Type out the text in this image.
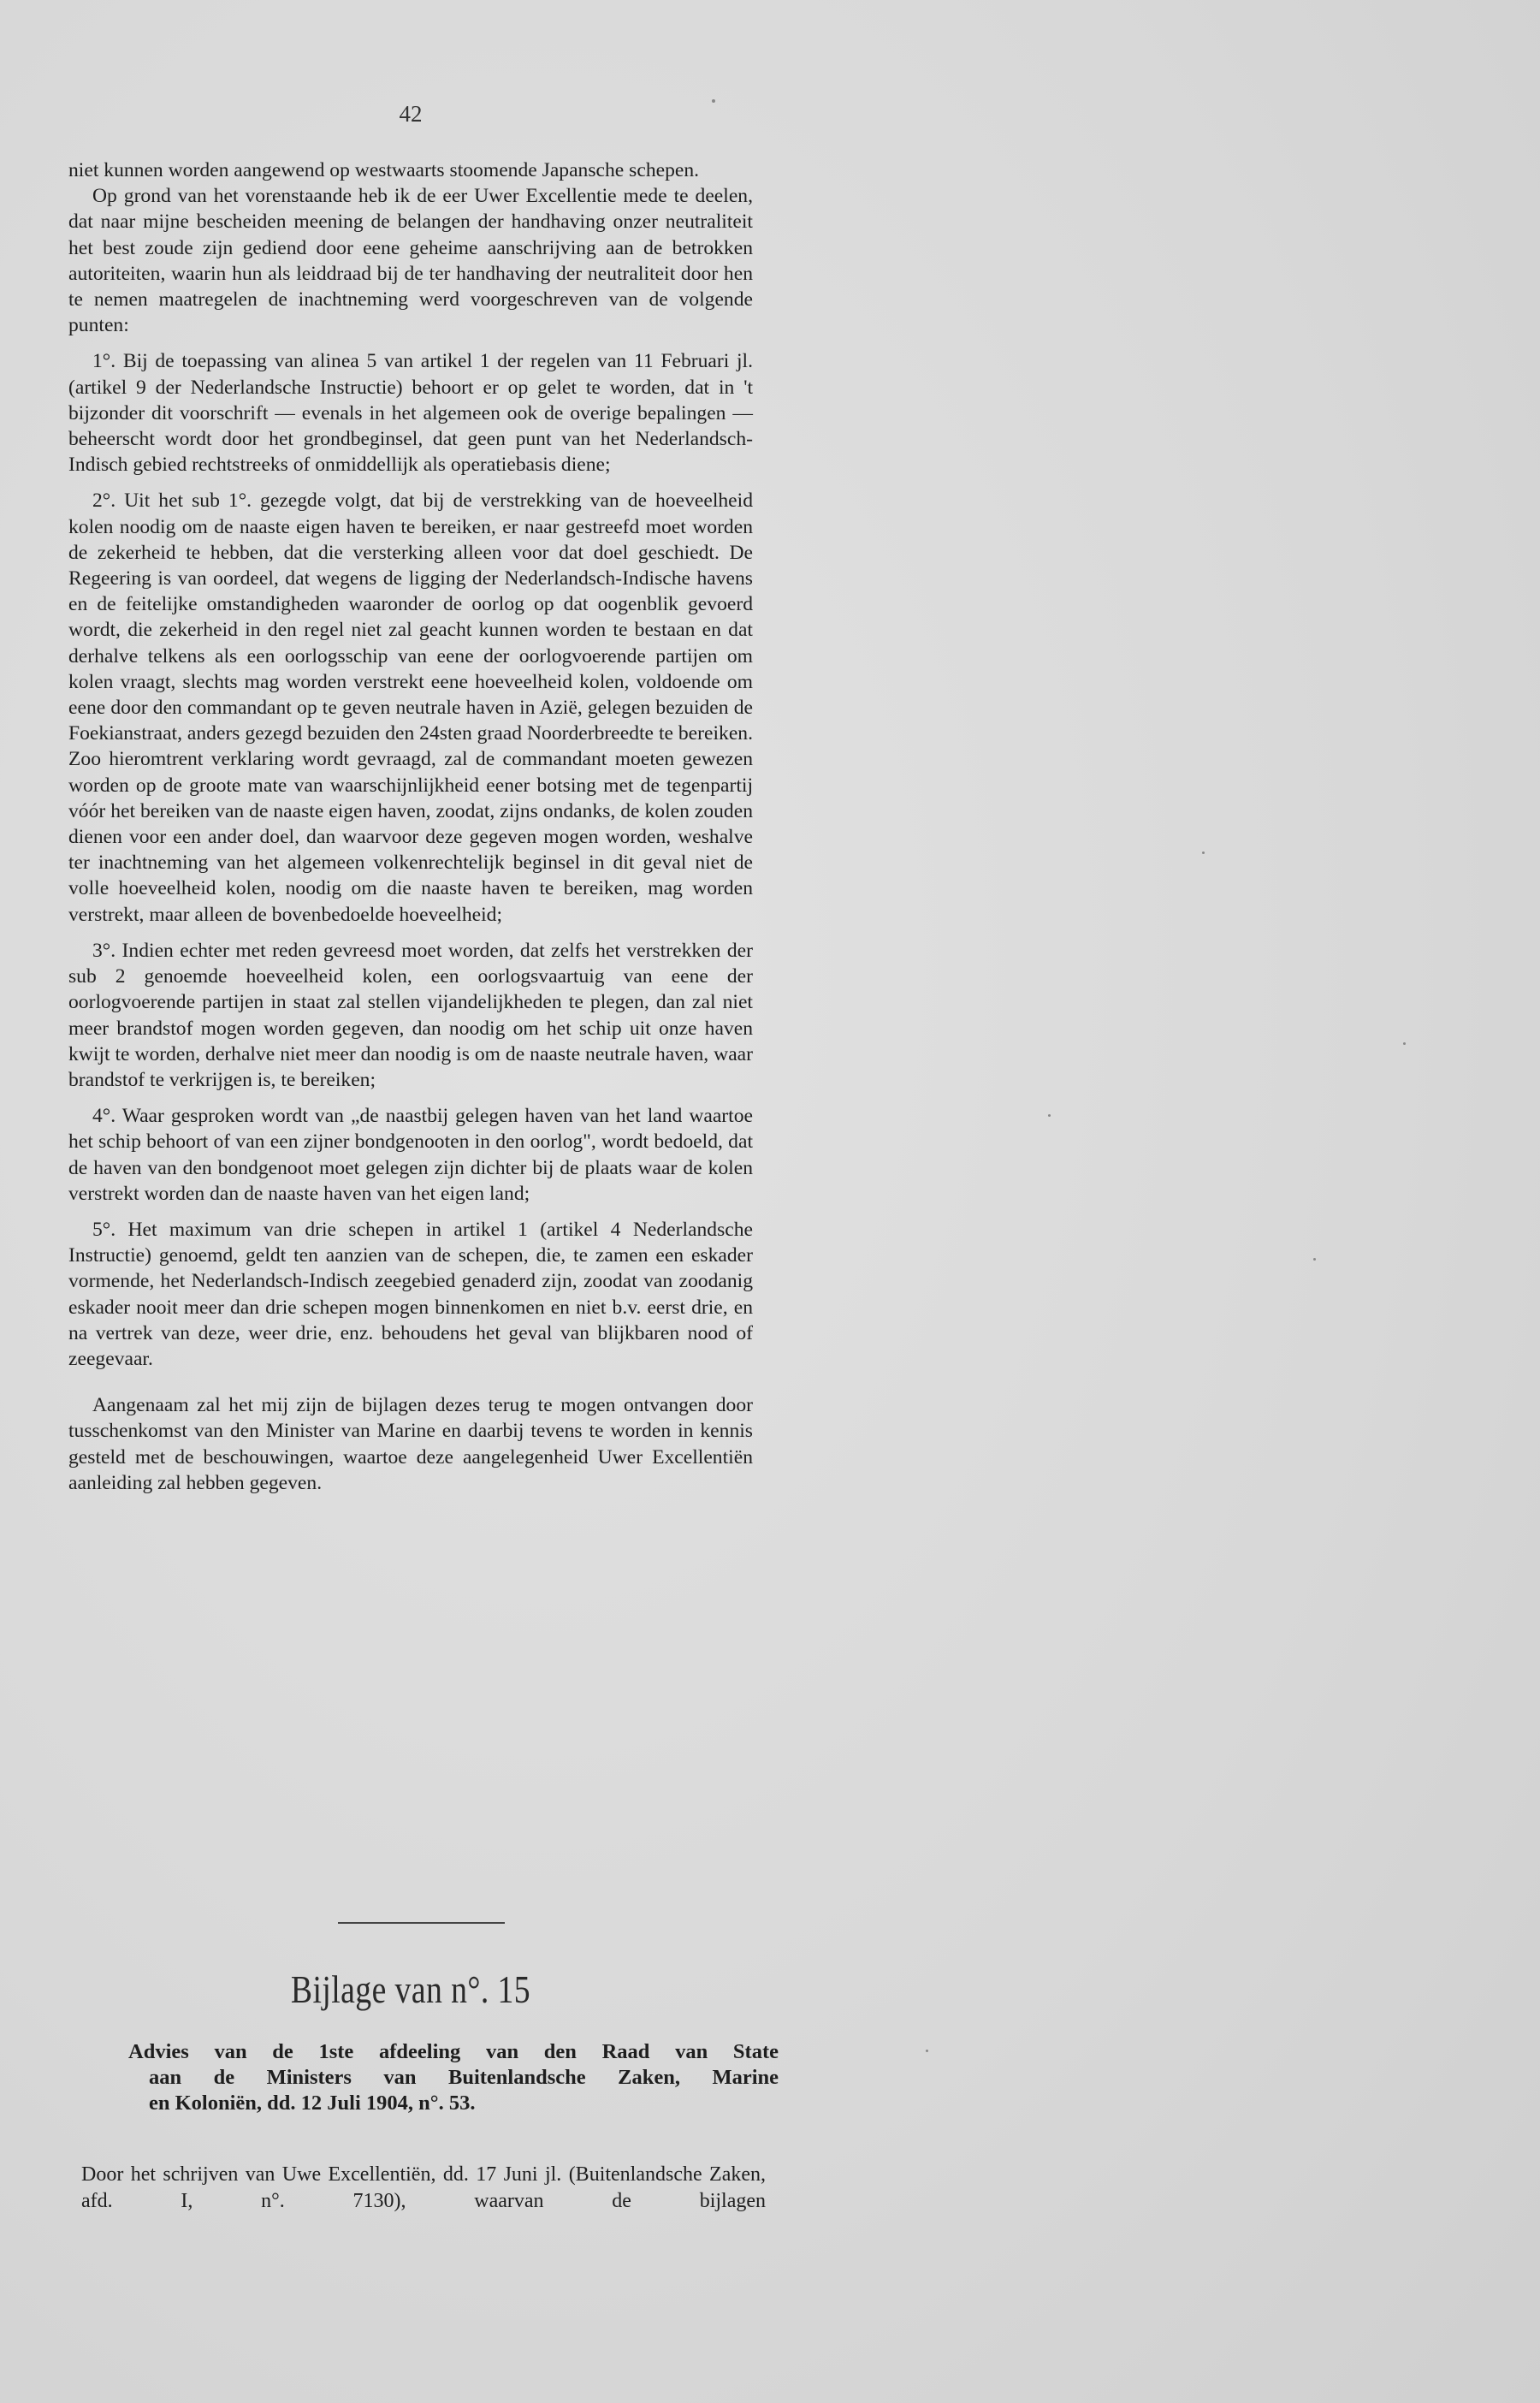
42

niet kunnen worden aangewend op westwaarts stoomende Japansche schepen.

Op grond van het vorenstaande heb ik de eer Uwer Excellentie mede te deelen, dat naar mijne bescheiden meening de belangen der handhaving onzer neutraliteit het best zoude zijn gediend door eene geheime aanschrijving aan de betrokken autoriteiten, waarin hun als leiddraad bij de ter handhaving der neutraliteit door hen te nemen maatregelen de inachtneming werd voorgeschreven van de volgende punten:

1°. Bij de toepassing van alinea 5 van artikel 1 der regelen van 11 Februari jl. (artikel 9 der Nederlandsche Instructie) behoort er op gelet te worden, dat in 't bijzonder dit voorschrift — evenals in het algemeen ook de overige bepalingen — beheerscht wordt door het grondbeginsel, dat geen punt van het Nederlandsch-Indisch gebied rechtstreeks of onmiddellijk als operatiebasis diene;

2°. Uit het sub 1°. gezegde volgt, dat bij de verstrekking van de hoeveelheid kolen noodig om de naaste eigen haven te bereiken, er naar gestreefd moet worden de zekerheid te hebben, dat die versterking alleen voor dat doel geschiedt. De Regeering is van oordeel, dat wegens de ligging der Nederlandsch-Indische havens en de feitelijke omstandigheden waaronder de oorlog op dat oogenblik gevoerd wordt, die zekerheid in den regel niet zal geacht kunnen worden te bestaan en dat derhalve telkens als een oorlogsschip van eene der oorlogvoerende partijen om kolen vraagt, slechts mag worden verstrekt eene hoeveelheid kolen, voldoende om eene door den commandant op te geven neutrale haven in Azië, gelegen bezuiden de Foekianstraat, anders gezegd bezuiden den 24sten graad Noorderbreedte te bereiken. Zoo hieromtrent verklaring wordt gevraagd, zal de commandant moeten gewezen worden op de groote mate van waarschijnlijkheid eener botsing met de tegenpartij vóór het bereiken van de naaste eigen haven, zoodat, zijns ondanks, de kolen zouden dienen voor een ander doel, dan waarvoor deze gegeven mogen worden, weshalve ter inachtneming van het algemeen volkenrechtelijk beginsel in dit geval niet de volle hoeveelheid kolen, noodig om die naaste haven te bereiken, mag worden verstrekt, maar alleen de bovenbedoelde hoeveelheid;

3°. Indien echter met reden gevreesd moet worden, dat zelfs het verstrekken der sub 2 genoemde hoeveelheid kolen, een oorlogsvaartuig van eene der oorlogvoerende partijen in staat zal stellen vijandelijkheden te plegen, dan zal niet meer brandstof mogen worden gegeven, dan noodig om het schip uit onze haven kwijt te worden, derhalve niet meer dan noodig is om de naaste neutrale haven, waar brandstof te verkrijgen is, te bereiken;

4°. Waar gesproken wordt van „de naastbij gelegen haven van het land waartoe het schip behoort of van een zijner bondgenooten in den oorlog", wordt bedoeld, dat de haven van den bondgenoot moet gelegen zijn dichter bij de plaats waar de kolen verstrekt worden dan de naaste haven van het eigen land;

5°. Het maximum van drie schepen in artikel 1 (artikel 4 Nederlandsche Instructie) genoemd, geldt ten aanzien van de schepen, die, te zamen een eskader vormende, het Nederlandsch-Indisch zeegebied genaderd zijn, zoodat van zoodanig eskader nooit meer dan drie schepen mogen binnenkomen en niet b.v. eerst drie, en na vertrek van deze, weer drie, enz. behoudens het geval van blijkbaren nood of zeegevaar.

Aangenaam zal het mij zijn de bijlagen dezes terug te mogen ontvangen door tusschenkomst van den Minister van Marine en daarbij tevens te worden in kennis gesteld met de beschouwingen, waartoe deze aangelegenheid Uwer Excellentiën aanleiding zal hebben gegeven.

Bijlage van n°. 15
Advies van de 1ste afdeeling van den Raad van State
aan de Ministers van Buitenlandsche Zaken, Marine
en Koloniën, dd. 12 Juli 1904, n°. 53.

Door het schrijven van Uwe Excellentiën, dd. 17 Juni jl. (Buitenlandsche Zaken, afd. I, n°. 7130), waarvan de bijlagen
